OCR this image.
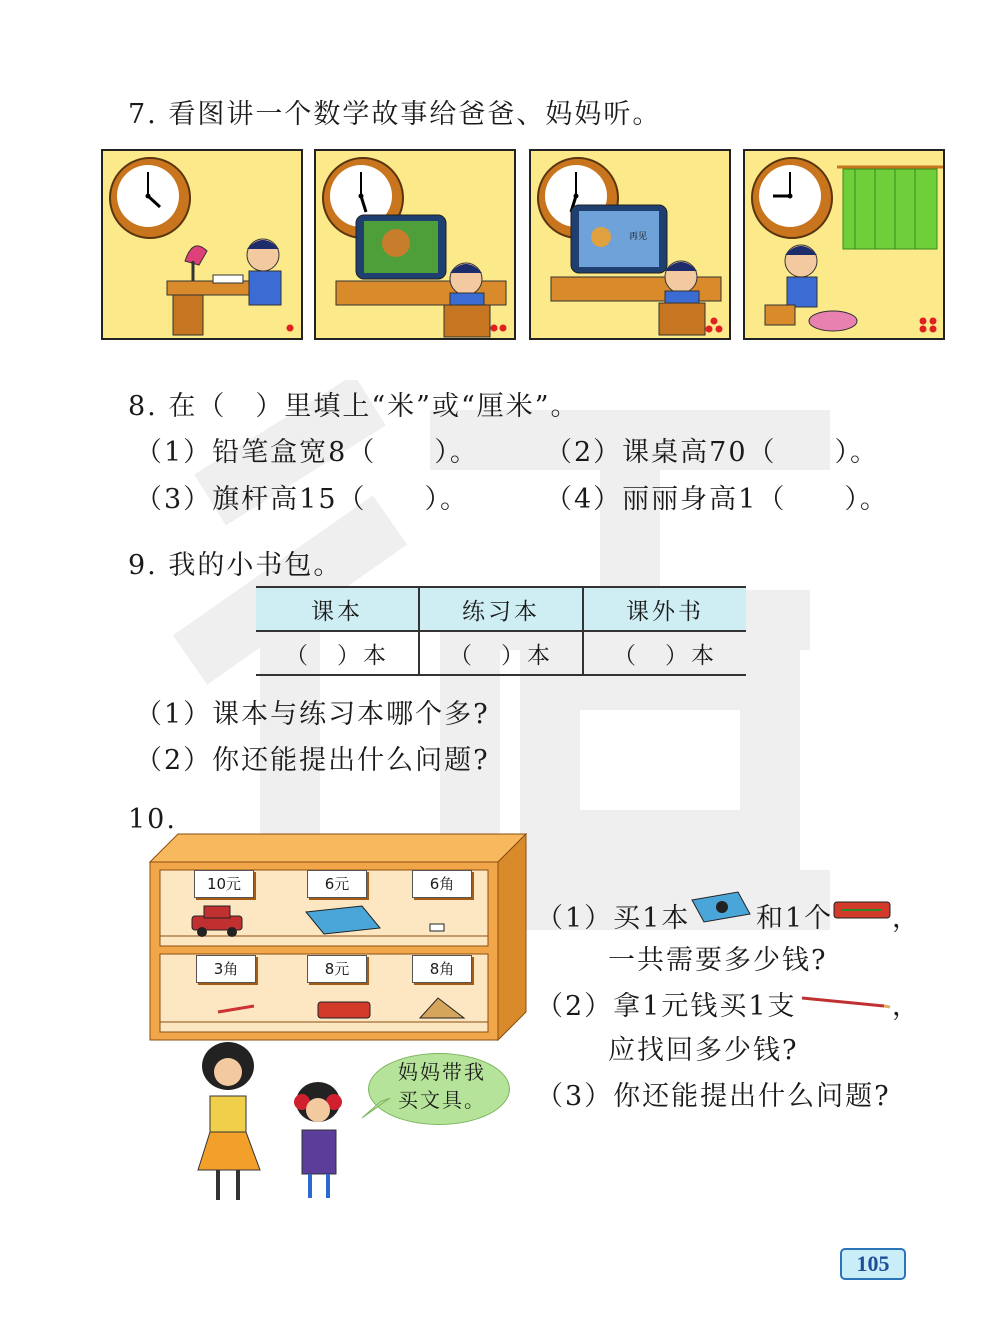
7. 看图讲一个数学故事给爸爸、妈妈听。
再见
8. 在（　）里填上“米”或“厘米”。
（1）铅笔盒宽8（　　）。 （2）课桌高70（　　）。
（3）旗杆高15（　　）。	（4）丽丽身高1（　　）。
9. 我的小书包。
课本	练习本	课外书
（　）本	（　）本	（　）本
（1）课本与练习本哪个多?
（2）你还能提出什么问题?
10.
10元	6元	6角
3角	8元	8角
妈妈带我买文具。
（1）买1本 和1个 ，
一共需要多少钱?
（2）拿1元钱买1支	，
应找回多少钱?
（3）你还能提出什么问题?
105
